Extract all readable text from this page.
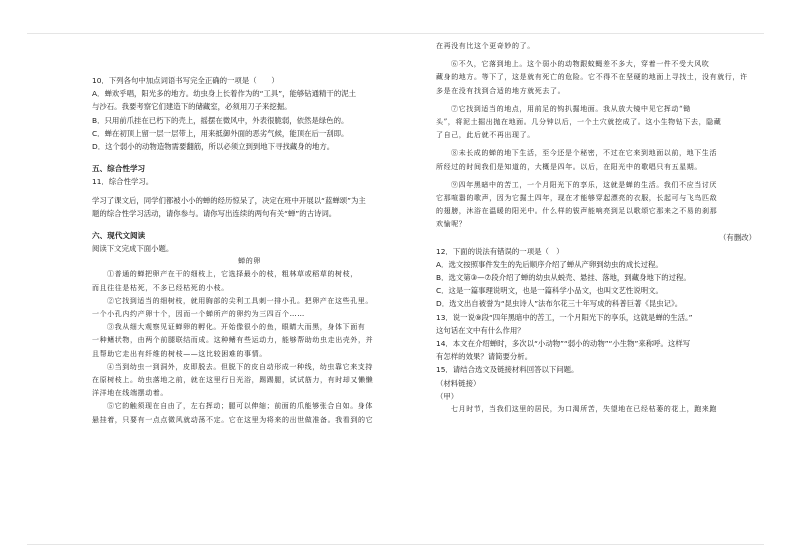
10．下列各句中加点词语书写完全正确的一项是（　　）
A．蝉欢乎唱，阳光多的地方。幼虫身上长着作为的“工具”，能够钻通精干的泥土
与沙石。我要考察它们建造下的储藏室，必须用刀子来挖掘。
B．只用前爪挂在已朽下的壳上，摇摆在微风中，外表很脆弱，依然是绿色的。
C．蝉在初顶上留一层一层带上，用来抵御外面的恶劣气候，能顶在后一刮即。
D．这个弱小的动物造物需要翻筋，所以必须立到到地下寻找藏身的地方。
五、综合性学习
11．综合性学习。
学习了课文后，同学们都被小小的蝉的经历惊呆了，决定在班中开展以“蓝蝉颂”为主
题的综合性学习活动，请你参与。请你写出连续的两句有关“蝉”的古诗词。
六、现代文阅读
阅读下文完成下面小题。
蝉的卵
①普通的蝉把卵产在干的细枝上，它选择最小的枝，粗林草或稻草的树枝，
而且往往是枯死，不多已经枯死的小枝。
②它找到适当的细树枝，就用胸部的尖利工具刺一排小孔。把卵产在这些孔里。
一个小孔内约产卵十个，因而一个蝉所产的卵约为三四百个……
③我从细大观察见证蝉卵的孵化。开始像很小的鱼，眼睛大而黑，身体下面有
一种鳍状物，由两个前腿联结而成。这种鳍有些运动力，能够帮助幼虫走出壳外，并
且帮助它走出有纤维的树枝——这比较困难的事情。
④当到幼虫一到洞外，皮即脱去。但脱下的皮自动形成一种线，幼虫靠它来支持
在原树枝上。幼虫落地之前，就在这里行日光浴，踢踢腿，试试筋力，有时却又懒懒
洋洋地在线端摆动着。
⑤它的触须现在自由了，左右挥动；腿可以伸缩；前面的爪能够张合自如。身体
悬挂着，只要有一点点微风就动荡不定。它在这里为将来的出世做准备。我看到的它
在再没有比这个更奇妙的了。
⑥不久，它落到地上。这个弱小的动物跟蚊蝇差不多大，穿着一件不受大风吹
藏身的地方。等下了，这是就有死亡的危险。它不得不在坚硬的地面上寻找土，没有就行，许
多是在没有找到合适的地方就死去了。
⑦它找到适当的地点，用前足的钩扒掘地面。我从放大镜中见它挥动“锄
头”，将泥土掘出抛在地面。几分钟以后，一个土穴就挖成了。这小生物钻下去，隐藏
了自己，此后就不再出现了。
⑧未长成的蝉的地下生活，至今还是个秘密，不过在它来到地面以前，地下生活
所经过的时间我们是知道的，大概是四年。以后，在阳光中的歌唱只有五星期。
⑨四年黑暗中的苦工，一个月阳光下的享乐，这就是蝉的生活。我们不应当讨厌
它那喧嚣的歌声，因为它掘土四年，现在才能够穿起漂亮的衣服，长起可与飞鸟匹敌
的翅膀，沐浴在温暖的阳光中。什么样的钹声能响亮到足以歌颂它那来之不易的刹那
欢愉呢？
（有删改）
12．下面的说法有错误的一项是（　）
A．选文按照事件发生的先后顺序介绍了蝉从产卵到幼虫的成长过程。
B．选文第③—⑦段介绍了蝉的幼虫从蜕壳、悬挂、落地，到藏身地下的过程。
C．这是一篇事理说明文，也是一篇科学小品文，也叫文艺性说明文。
D．选文出自被誉为“昆虫诗人”法布尔花三十年写成的科普巨著《昆虫记》。
13．说一说⑨段“四年黑暗中的苦工，一个月阳光下的享乐，这就是蝉的生活。”
这句话在文中有什么作用？
14．本文在介绍蝉时，多次以“小动物”“弱小的动物”“小生物”来称呼。这样写
有怎样的效果？请简要分析。
15．请结合选文及链接材料回答以下问题。
（材料链接）
（甲）
七月时节，当我们这里的居民，为口渴所苦，失望地在已经枯萎的花上，跑来跑
